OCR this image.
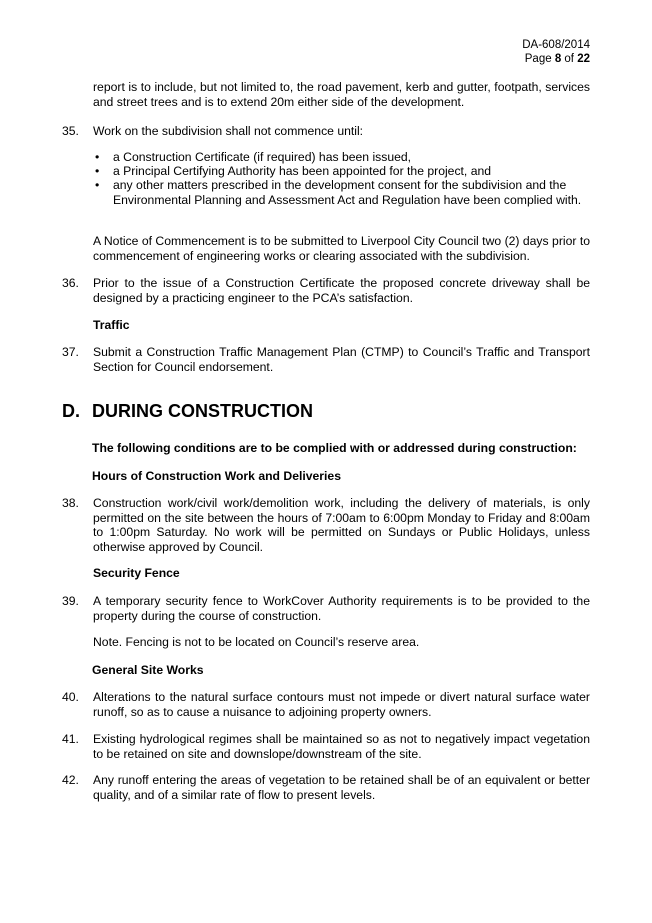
DA-608/2014
Page 8 of 22
report is to include, but not limited to, the road pavement, kerb and gutter, footpath, services and street trees and is to extend 20m either side of the development.
35. Work on the subdivision shall not commence until:
• a Construction Certificate (if required) has been issued,
• a Principal Certifying Authority has been appointed for the project, and
• any other matters prescribed in the development consent for the subdivision and the Environmental Planning and Assessment Act and Regulation have been complied with.
A Notice of Commencement is to be submitted to Liverpool City Council two (2) days prior to commencement of engineering works or clearing associated with the subdivision.
36. Prior to the issue of a Construction Certificate the proposed concrete driveway shall be designed by a practicing engineer to the PCA’s satisfaction.
Traffic
37. Submit a Construction Traffic Management Plan (CTMP) to Council’s Traffic and Transport Section for Council endorsement.
D. DURING CONSTRUCTION
The following conditions are to be complied with or addressed during construction:
Hours of Construction Work and Deliveries
38. Construction work/civil work/demolition work, including the delivery of materials, is only permitted on the site between the hours of 7:00am to 6:00pm Monday to Friday and 8:00am to 1:00pm Saturday. No work will be permitted on Sundays or Public Holidays, unless otherwise approved by Council.
Security Fence
39. A temporary security fence to WorkCover Authority requirements is to be provided to the property during the course of construction.
Note. Fencing is not to be located on Council’s reserve area.
General Site Works
40. Alterations to the natural surface contours must not impede or divert natural surface water runoff, so as to cause a nuisance to adjoining property owners.
41. Existing hydrological regimes shall be maintained so as not to negatively impact vegetation to be retained on site and downslope/downstream of the site.
42. Any runoff entering the areas of vegetation to be retained shall be of an equivalent or better quality, and of a similar rate of flow to present levels.
